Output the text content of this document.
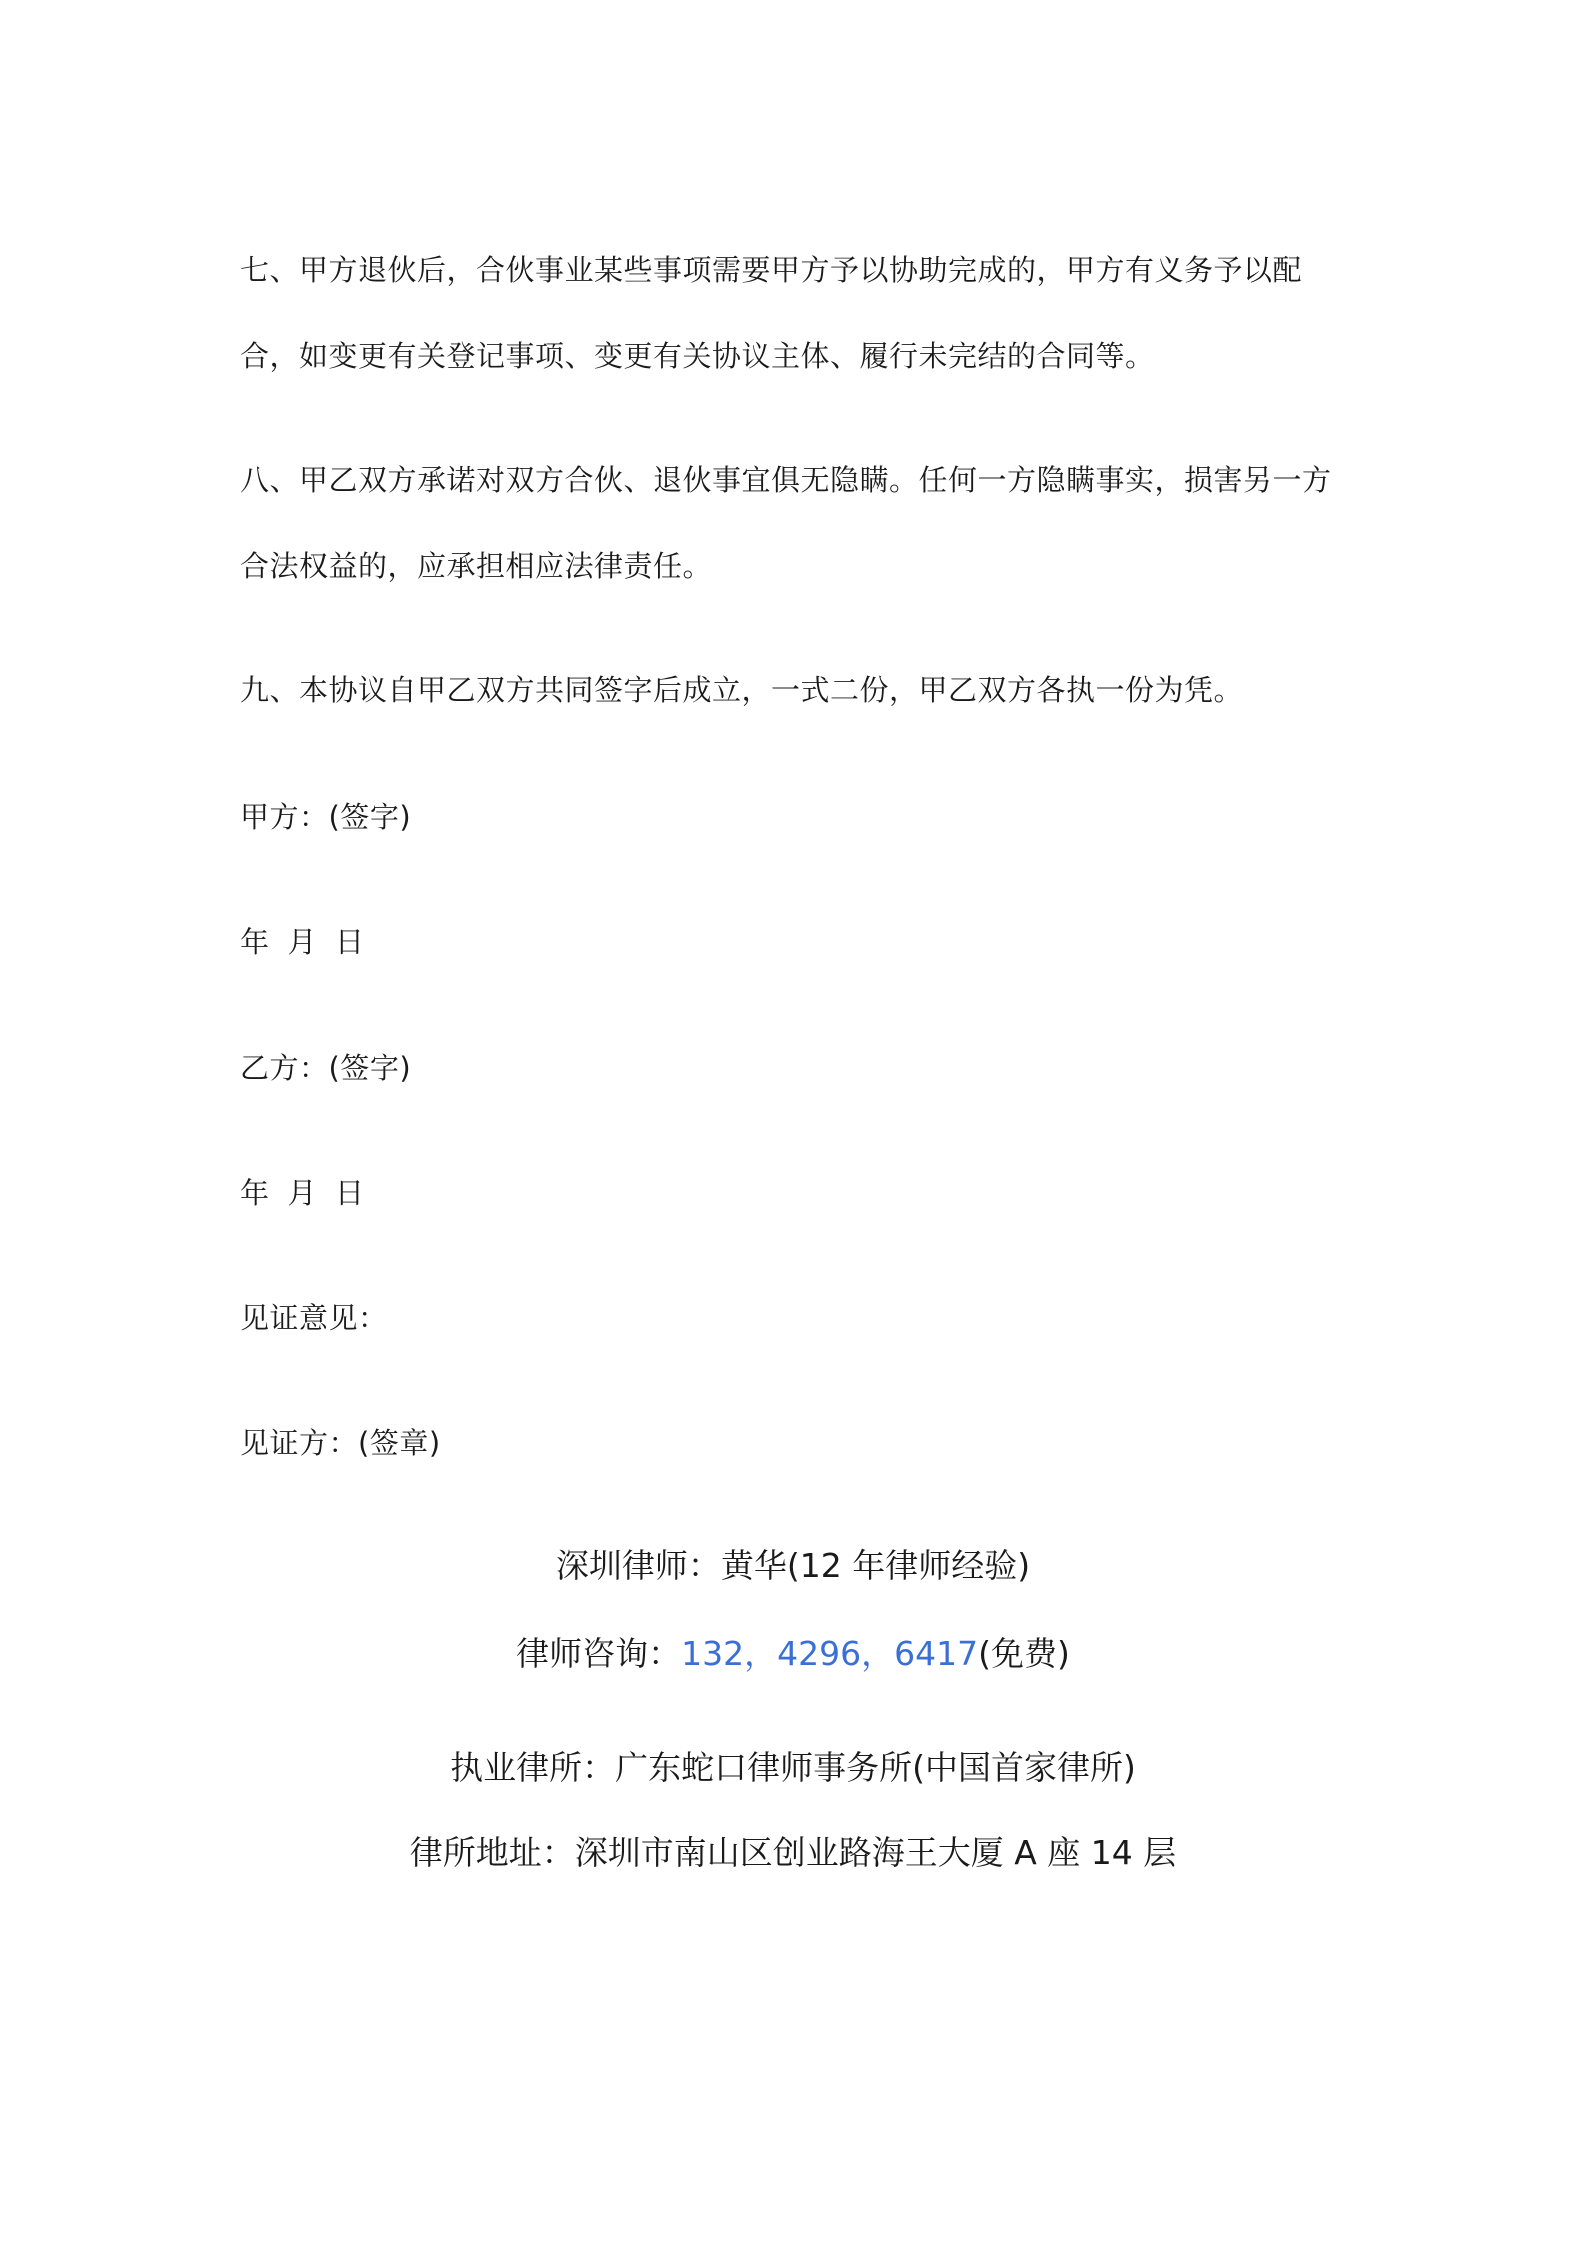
七、甲方退伙后，合伙事业某些事项需要甲方予以协助完成的，甲方有义务予以配合，如变更有关登记事项、变更有关协议主体、履行未完结的合同等。

八、甲乙双方承诺对双方合伙、退伙事宜俱无隐瞒。任何一方隐瞒事实，损害另一方合法权益的，应承担相应法律责任。

九、本协议自甲乙双方共同签字后成立，一式二份，甲乙双方各执一份为凭。

甲方：(签字)

年 月 日

乙方：(签字)

年 月 日

见证意见：

见证方：(签章)

深圳律师：黄华(12 年律师经验)

律师咨询：132，4296，6417(免费)

执业律所：广东蛇口律师事务所(中国首家律所)

律所地址：深圳市南山区创业路海王大厦 A 座 14 层
